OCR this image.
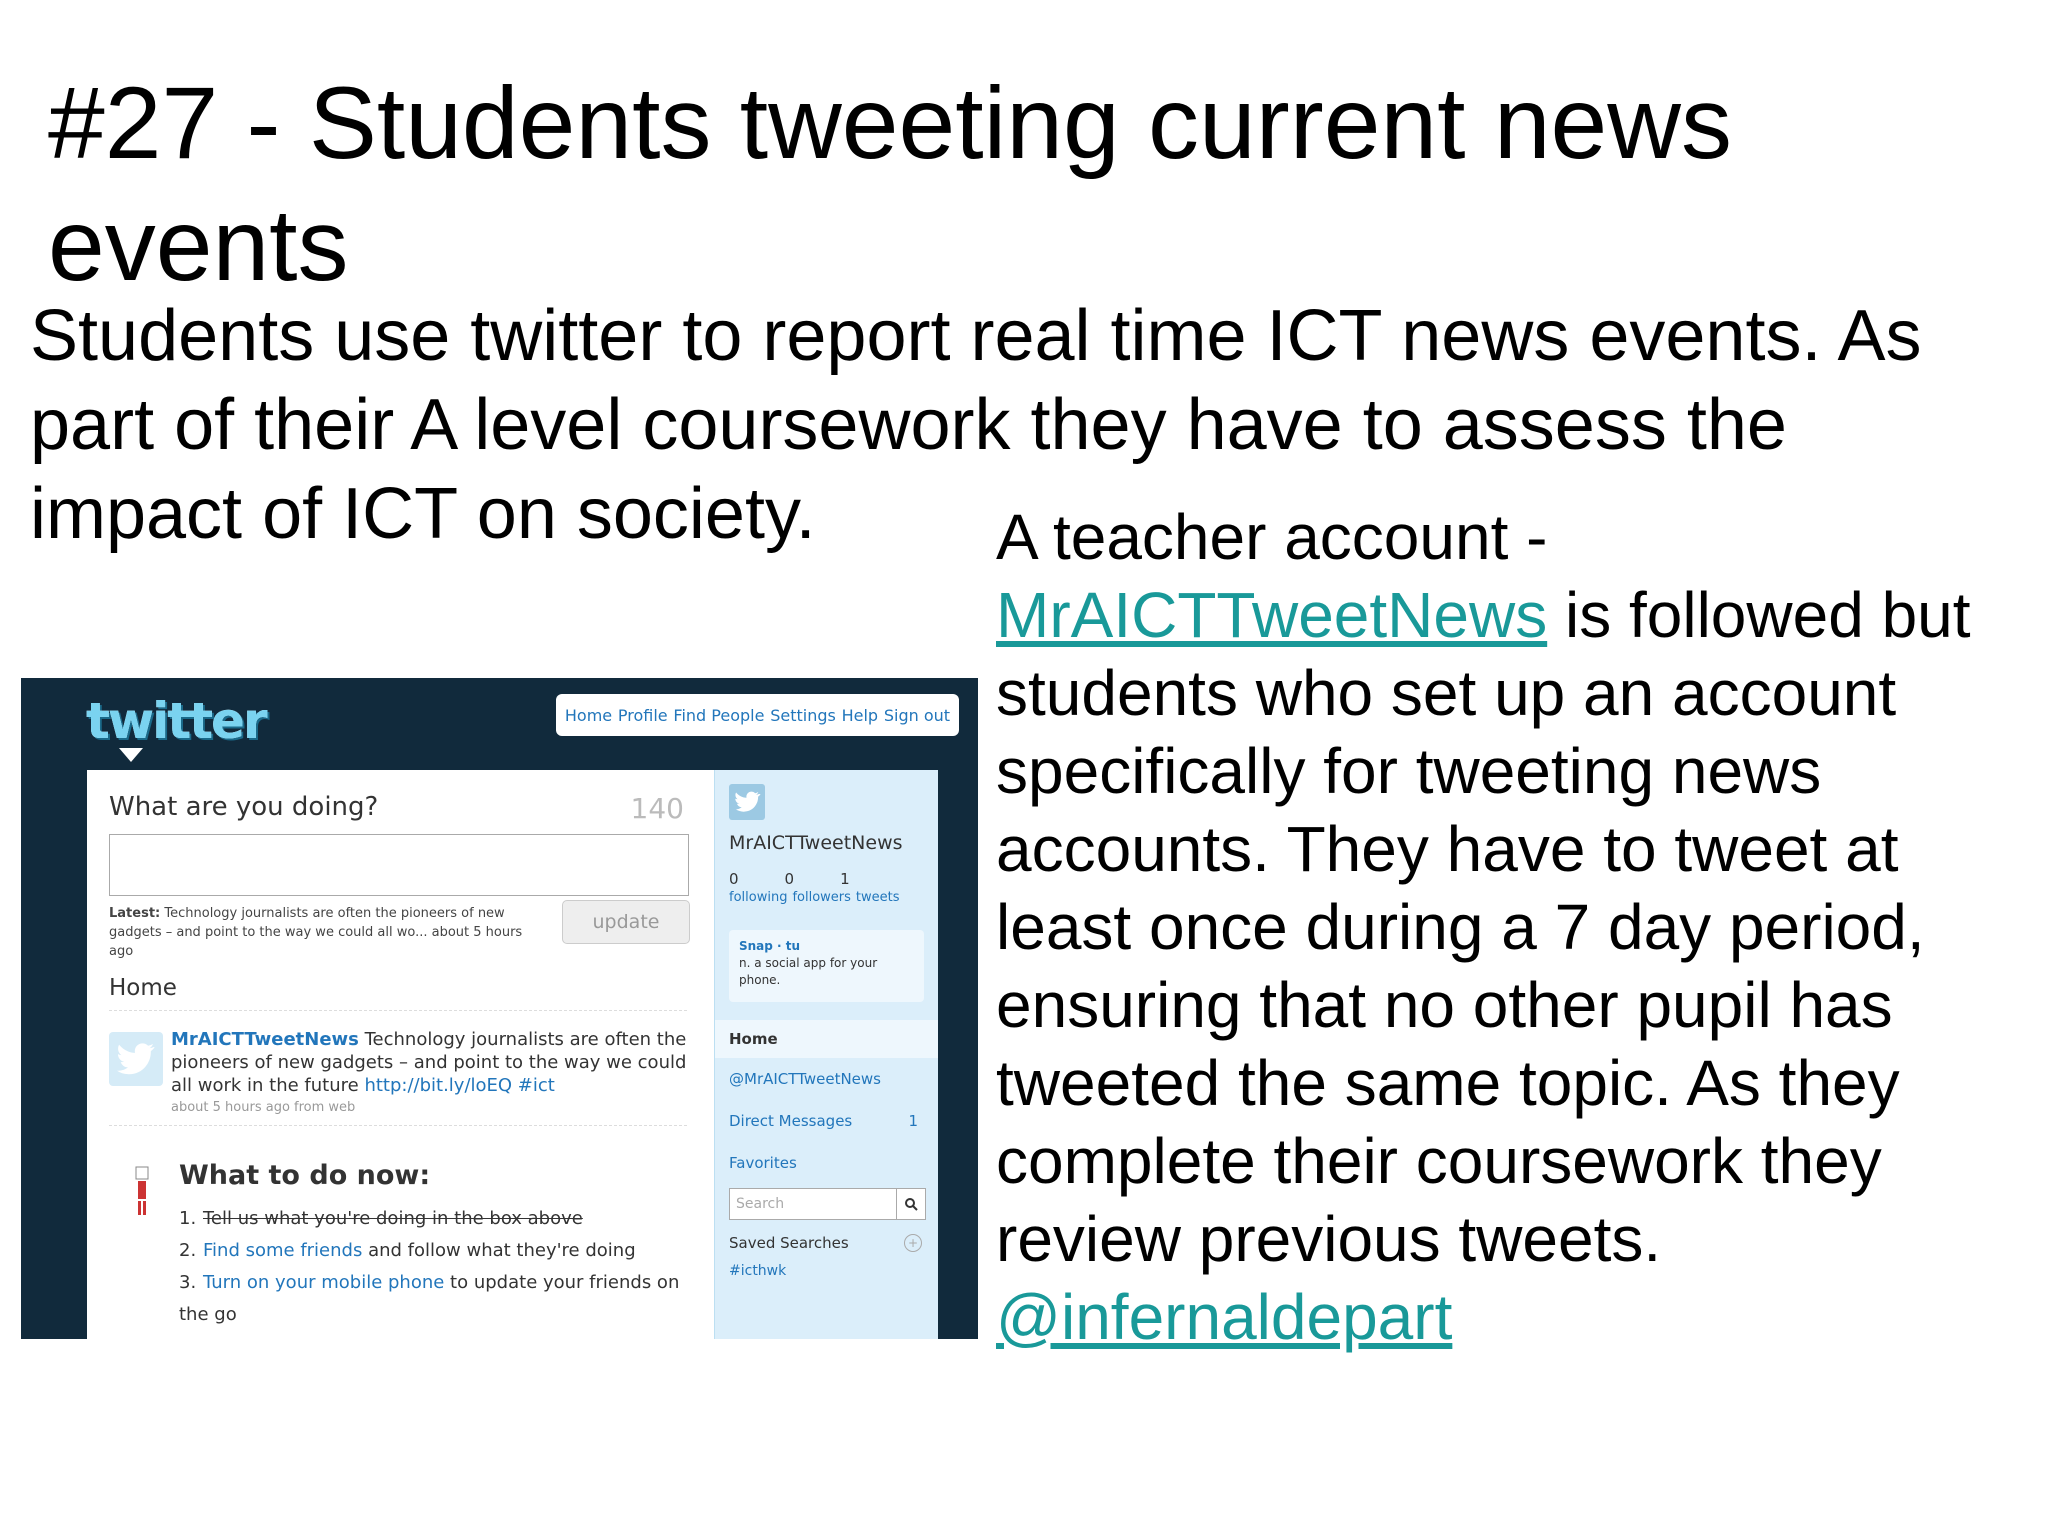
#27 - Students tweeting current news events

Students use twitter to report real time ICT news events. As part of their A level coursework they have to assess the impact of ICT on society.	A teacher account - MrAICTTweetNews is followed but students who set up an account specifically for tweeting news accounts. They have to tweet at least once during a 7 day period, ensuring that no other pupil has tweeted the same topic. As they complete their coursework they review previous tweets. @infernaldepart

twitter	Home Profile Find People Settings Help Sign out
What are you doing?	140
Latest: Technology journalists are often the pioneers of new gadgets – and point to the way we could all wo... about 5 hours ago
update
Home
MrAICTTweetNews Technology journalists are often the pioneers of new gadgets – and point to the way we could all work in the future http://bit.ly/loEQ #ict
about 5 hours ago from web
What to do now:
1. Tell us what you're doing in the box above
2. Find some friends and follow what they're doing
3. Turn on your mobile phone to update your friends on the go
MrAICTTweetNews
0	0	1
following followers tweets
Snap · tu
n. a social app for your phone.
Home
@MrAICTTweetNews
Direct Messages	1
Favorites
Search
Saved Searches	+
#icthwk
